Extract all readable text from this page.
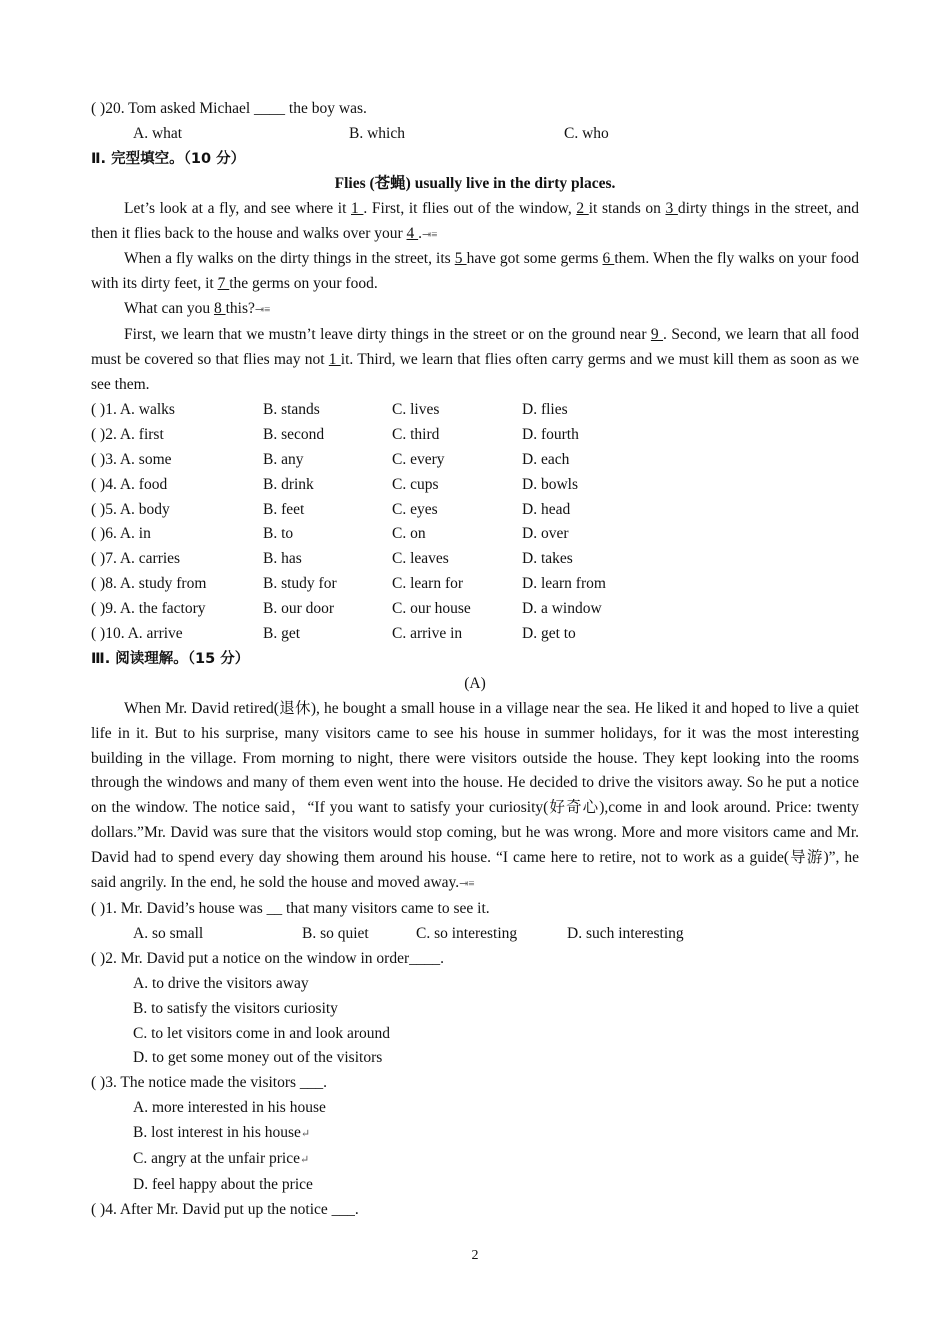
( )20. Tom asked Michael ____ the boy was.
A. what	B. which	C. who
Ⅱ. 完型填空。（10 分）
Flies (苍蝇) usually live in the dirty places.
Let’s look at a fly, and see where it 1 . First, it flies out of the window, 2 it stands on 3 dirty things in the street, and then it flies back to the house and walks over your 4 .⇥≡
When a fly walks on the dirty things in the street, its 5 have got some germs 6 them. When the fly walks on your food with its dirty feet, it 7 the germs on your food.
What can you 8 this?⇥≡
First, we learn that we mustn’t leave dirty things in the street or on the ground near 9 . Second, we learn that all food must be covered so that flies may not 1 it. Third, we learn that flies often carry germs and we must kill them as soon as we see them.
( )1. A. walks	B. stands	C. lives	D. flies
( )2. A. first	B. second	C. third	D. fourth
( )3. A. some	B. any	C. every	D. each
( )4. A. food	B. drink	C. cups	D. bowls
( )5. A. body	B. feet	C. eyes	D. head
( )6. A. in	B. to	C. on	D. over
( )7. A. carries	B. has	C. leaves	D. takes
( )8. A. study from	B. study for	C. learn for	D. learn from
( )9. A. the factory	B. our door	C. our house	D. a window
( )10. A. arrive	B. get	C. arrive in	D. get to
Ⅲ. 阅读理解。（15 分）
(A)
When Mr. David retired(退休), he bought a small house in a village near the sea. He liked it and hoped to live a quiet life in it. But to his surprise, many visitors came to see his house in summer holidays, for it was the most interesting building in the village. From morning to night, there were visitors outside the house. They kept looking into the rooms through the windows and many of them even went into the house. He decided to drive the visitors away. So he put a notice on the window. The notice said，“If you want to satisfy your curiosity(好奇心),come in and look around. Price: twenty dollars.”Mr. David was sure that the visitors would stop coming, but he was wrong. More and more visitors came and Mr. David had to spend every day showing them around his house. “I came here to retire, not to work as a guide(导游)”, he said angrily. In the end, he sold the house and moved away.⇥≡
( )1. Mr. David’s house was __ that many visitors came to see it.
A. so small	B. so quiet	C. so interesting	D. such interesting
( )2. Mr. David put a notice on the window in order____.
A. to drive the visitors away
B. to satisfy the visitors curiosity
C. to let visitors come in and look around
D. to get some money out of the visitors
( )3. The notice made the visitors ___.
A. more interested in his house
B. lost interest in his house↵
C. angry at the unfair price↵
D. feel happy about the price
( )4. After Mr. David put up the notice ___.
2
